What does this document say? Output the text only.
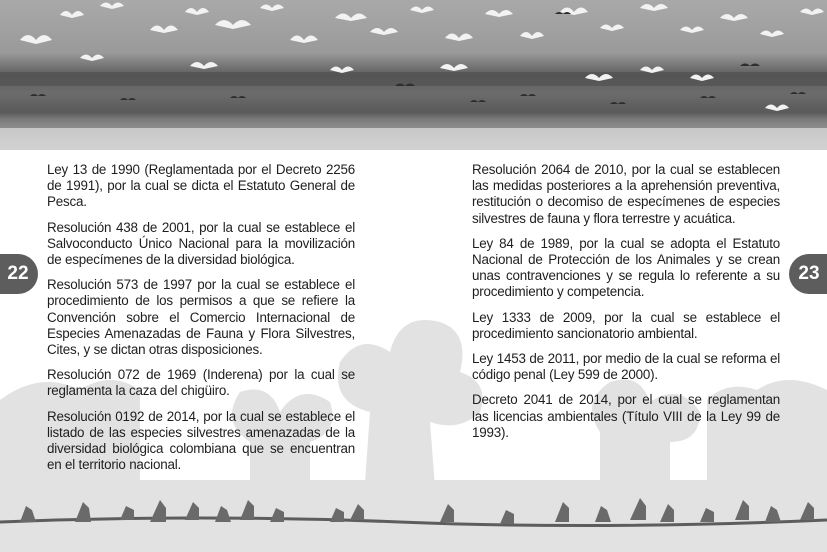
22	23

Ley 13 de 1990 (Reglamentada por el Decreto 2256 de 1991), por la cual se dicta el Estatuto General de Pesca.

Resolución 438 de 2001, por la cual se establece el Salvoconducto Único Nacional para la movilización de especímenes de la diversidad biológica.

Resolución 573 de 1997 por la cual se establece el procedimiento de los permisos a que se refiere la Convención sobre el Comercio Internacional de Especies Amenazadas de Fauna y Flora Silvestres, Cites, y se dictan otras disposiciones.

Resolución 072 de 1969 (Inderena) por la cual se reglamenta la caza del chigüiro.

Resolución 0192 de 2014, por la cual se establece el listado de las especies silvestres amenazadas de la diversidad biológica colombiana que se encuentran en el territorio nacional.

Resolución 2064 de 2010, por la cual se establecen las medidas posteriores a la aprehensión preventiva, restitución o decomiso de especímenes de especies silvestres de fauna y flora terrestre y acuática.

Ley 84 de 1989, por la cual se adopta el Estatuto Nacional de Protección de los Animales y se crean unas contravenciones y se regula lo referente a su procedimiento y competencia.

Ley 1333 de 2009, por la cual se establece el procedimiento sancionatorio ambiental.

Ley 1453 de 2011, por medio de la cual se reforma el código penal (Ley 599 de 2000).

Decreto 2041 de 2014, por el cual se reglamentan las licencias ambientales (Título VIII de la Ley 99 de 1993).
